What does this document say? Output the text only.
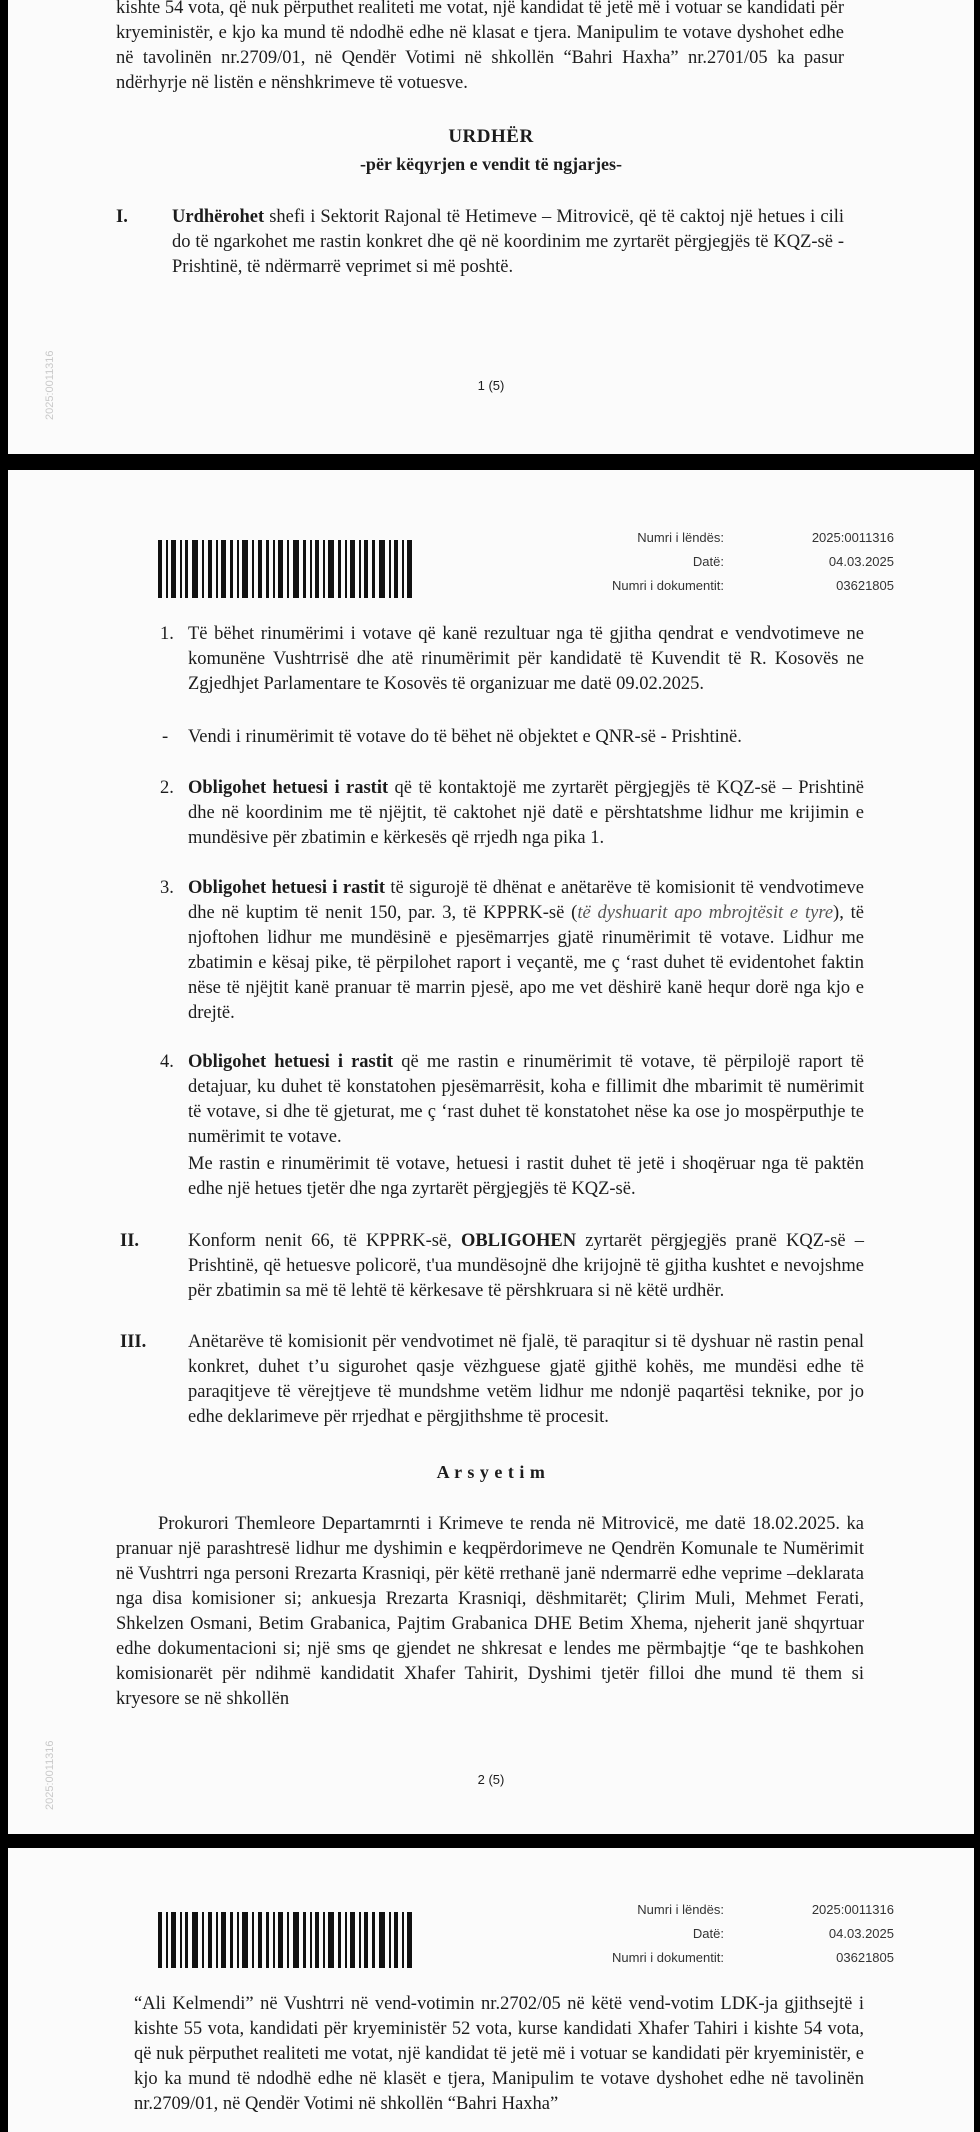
kishte 54 vota, që nuk përputhet realiteti me votat, një kandidat të jetë më i votuar se kandidati për kryeministër, e kjo ka mund të ndodhë edhe në klasat e tjera. Manipulim te votave dyshohet edhe në tavolinën nr.2709/01, në Qendër Votimi në shkollën “Bahri Haxha” nr.2701/05 ka pasur ndërhyrje në listën e nënshkrimeve të votuesve.

URDHËR

-për këqyrjen e vendit të ngjarjes-

I. Urdhërohet shefi i Sektorit Rajonal të Hetimeve – Mitrovicë, që të caktoj një hetues i cili do të ngarkohet me rastin konkret dhe që në koordinim me zyrtarët përgjegjës të KQZ-së - Prishtinë, të ndërmarrë veprimet si më poshtë.

2025:0011316	1 (5)
Numri i lëndës:	2025:0011316
Datë:	04.03.2025
Numri i dokumentit:	03621805
1. Të bëhet rinumërimi i votave që kanë rezultuar nga të gjitha qendrat e vendvotimeve ne komunëne Vushtrrisë dhe atë rinumërimit për kandidatë të Kuvendit të R. Kosovës ne Zgjedhjet Parlamentare te Kosovës të organizuar me datë 09.02.2025.

- Vendi i rinumërimit të votave do të bëhet në objektet e QNR-së - Prishtinë.

2. Obligohet hetuesi i rastit që të kontaktojë me zyrtarët përgjegjës të KQZ-së – Prishtinë dhe në koordinim me të njëjtit, të caktohet një datë e përshtatshme lidhur me krijimin e mundësive për zbatimin e kërkesës që rrjedh nga pika 1.

3. Obligohet hetuesi i rastit të sigurojë të dhënat e anëtarëve të komisionit të vendvotimeve dhe në kuptim të nenit 150, par. 3, të KPPRK-së (të dyshuarit apo mbrojtësit e tyre), të njoftohen lidhur me mundësinë e pjesëmarrjes gjatë rinumërimit të votave. Lidhur me zbatimin e kësaj pike, të përpilohet raport i veçantë, me ç ‘rast duhet të evidentohet faktin nëse të njëjtit kanë pranuar të marrin pjesë, apo me vet dëshirë kanë hequr dorë nga kjo e drejtë.

4. Obligohet hetuesi i rastit që me rastin e rinumërimit të votave, të përpilojë raport të detajuar, ku duhet të konstatohen pjesëmarrësit, koha e fillimit dhe mbarimit të numërimit të votave, si dhe të gjeturat, me ç ‘rast duhet të konstatohet nëse ka ose jo mospërputhje te numërimit te votave.

Me rastin e rinumërimit të votave, hetuesi i rastit duhet të jetë i shoqëruar nga të paktën edhe një hetues tjetër dhe nga zyrtarët përgjegjës të KQZ-së.

II.	Konform nenit 66, të KPPRK-së, OBLIGOHEN zyrtarët përgjegjës pranë KQZ-së – Prishtinë, që hetuesve policorë, t'ua mundësojnë dhe krijojnë të gjitha kushtet e nevojshme për zbatimin sa më të lehtë të kërkesave të përshkruara si në këtë urdhër.

III. Anëtarëve të komisionit për vendvotimet në fjalë, të paraqitur si të dyshuar në rastin penal konkret, duhet t’u sigurohet qasje vëzhguese gjatë gjithë kohës, me mundësi edhe të paraqitjeve të vërejtjeve të mundshme vetëm lidhur me ndonjë paqartësi teknike, por jo edhe deklarimeve për rrjedhat e përgjithshme të procesit.

A r s y e t i m

Prokurori Themleore Departamrnti i Krimeve te renda në Mitrovicë, me datë 18.02.2025. ka pranuar një parashtresë lidhur me dyshimin e keqpërdorimeve ne Qendrën Komunale te Numërimit në Vushtrri nga personi Rrezarta Krasniqi, për këtë rrethanë janë ndermarrë edhe veprime –deklarata nga disa komisioner si; ankuesja Rrezarta Krasniqi, dëshmitarët; Çlirim Muli, Mehmet Ferati, Shkelzen Osmani, Betim Grabanica, Pajtim Grabanica DHE Betim Xhema, njeherit janë shqyrtuar edhe dokumentacioni si; një sms qe gjendet ne shkresat e lendes me përmbajtje “qe te bashkohen komisionarët për ndihmë kandidatit Xhafer Tahirit, Dyshimi tjetër filloi dhe mund të them si kryesore se në shkollën

2025:0011316	2 (5)
Numri i lëndës:	2025:0011316
Datë:	04.03.2025
Numri i dokumentit:	03621805

“Ali Kelmendi” në Vushtrri në vend-votimin nr.2702/05 në këtë vend-votim LDK-ja gjithsejtë i kishte 55 vota, kandidati për kryeministër 52 vota, kurse kandidati Xhafer Tahiri i kishte 54 vota, që nuk përputhet realiteti me votat, një kandidat të jetë më i votuar se kandidati për kryeministër, e kjo ka mund të ndodhë edhe në klasët e tjera, Manipulim te votave dyshohet edhe në tavolinën nr.2709/01, në Qendër Votimi në shkollën “Bahri Haxha”
